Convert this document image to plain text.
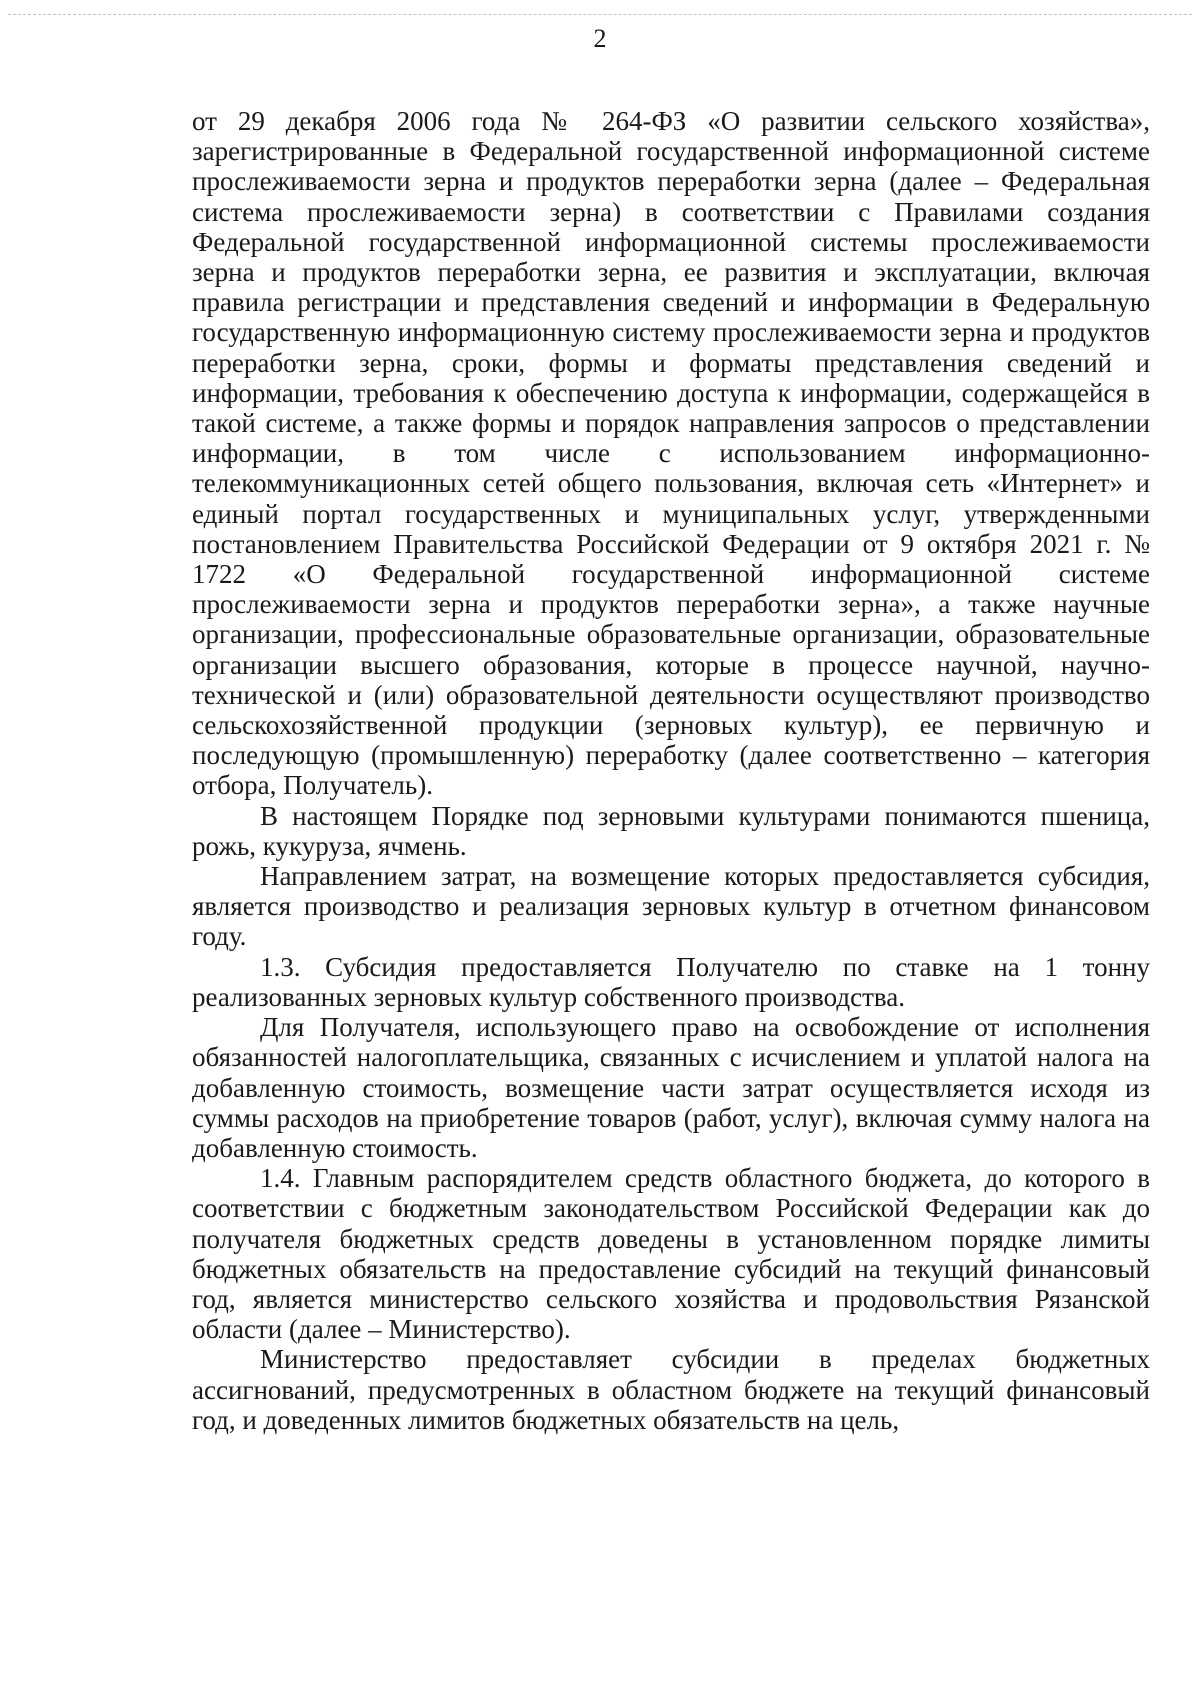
2

от 29 декабря 2006 года № 264-ФЗ «О развитии сельского хозяйства», зарегистрированные в Федеральной государственной информационной системе прослеживаемости зерна и продуктов переработки зерна (далее – Федеральная система прослеживаемости зерна) в соответствии с Правилами создания Федеральной государственной информационной системы прослеживаемости зерна и продуктов переработки зерна, ее развития и эксплуатации, включая правила регистрации и представления сведений и информации в Федеральную государственную информационную систему прослеживаемости зерна и продуктов переработки зерна, сроки, формы и форматы представления сведений и информации, требования к обеспечению доступа к информации, содержащейся в такой системе, а также формы и порядок направления запросов о представлении информации, в том числе с использованием информационно-телекоммуникационных сетей общего пользования, включая сеть «Интернет» и единый портал государственных и муниципальных услуг, утвержденными постановлением Правительства Российской Федерации от 9 октября 2021 г. № 1722 «О Федеральной государственной информационной системе прослеживаемости зерна и продуктов переработки зерна», а также научные организации, профессиональные образовательные организации, образовательные организации высшего образования, которые в процессе научной, научно-технической и (или) образовательной деятельности осуществляют производство сельскохозяйственной продукции (зерновых культур), ее первичную и последующую (промышленную) переработку (далее соответственно – категория отбора, Получатель).

В настоящем Порядке под зерновыми культурами понимаются пшеница, рожь, кукуруза, ячмень.

Направлением затрат, на возмещение которых предоставляется субсидия, является производство и реализация зерновых культур в отчетном финансовом году.

1.3. Субсидия предоставляется Получателю по ставке на 1 тонну реализованных зерновых культур собственного производства.

Для Получателя, использующего право на освобождение от исполнения обязанностей налогоплательщика, связанных с исчислением и уплатой налога на добавленную стоимость, возмещение части затрат осуществляется исходя из суммы расходов на приобретение товаров (работ, услуг), включая сумму налога на добавленную стоимость.

1.4. Главным распорядителем средств областного бюджета, до которого в соответствии с бюджетным законодательством Российской Федерации как до получателя бюджетных средств доведены в установленном порядке лимиты бюджетных обязательств на предоставление субсидий на текущий финансовый год, является министерство сельского хозяйства и продовольствия Рязанской области (далее – Министерство).

Министерство предоставляет субсидии в пределах бюджетных ассигнований, предусмотренных в областном бюджете на текущий финансовый год, и доведенных лимитов бюджетных обязательств на цель,
